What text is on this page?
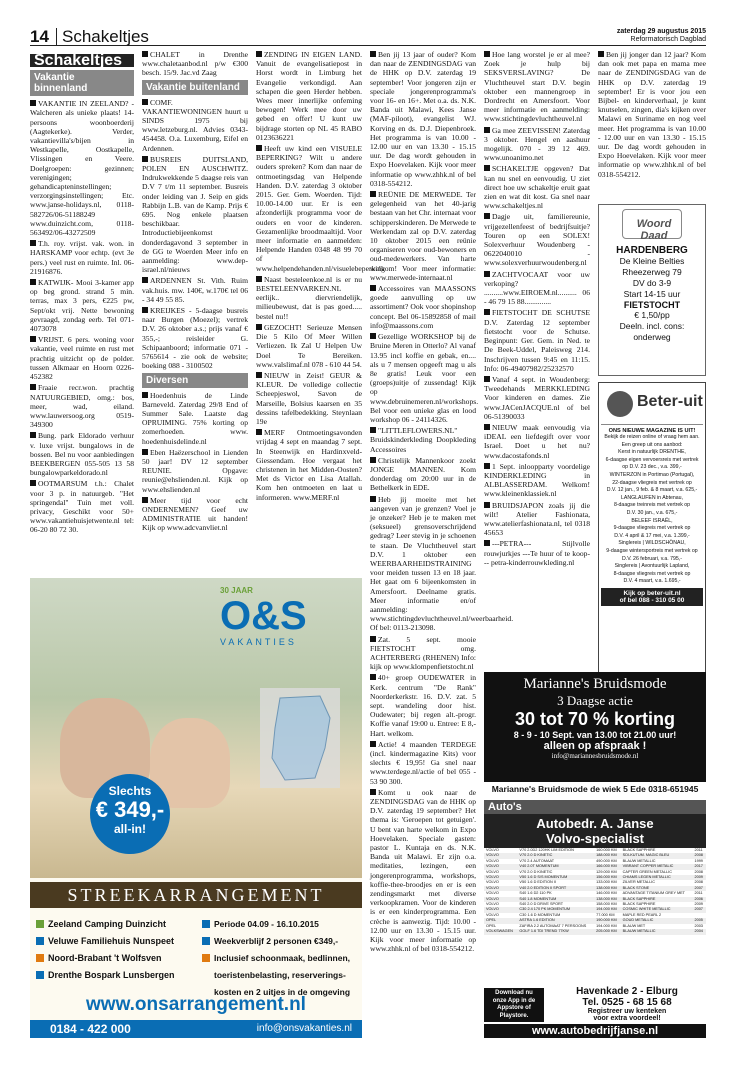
14 Schakeltjes	zaterdag 29 augustus 2015
Reformatorisch Dagblad
Schakeltjes
Vakantie binnenland

VAKANTIE IN ZEELAND? - Walcheren als unieke plaats! 14-persoons woonboerderij (Aagtekerke). Verder, vakantievilla's/bijen in Westkapelle, Oostkapelle, Vlissingen en Veere. Doelgroepen: gezinnen; verenigingen; gehandicapteninstellingen; verzorgingsinstellingen; Etc. www.janse-holidays.nl, 0118-582726/06-51188249 www.duinzicht.com, 0118-563492/06-43272509

T.h. roy. vrijst. vak. won. in HARSKAMP voor echtp. (evt 3e pers.) veel rust en ruimte. Inl. 06-21916876.

KATWIJK- Mooi 3-kamer app op beg grond. strand 5 min. terras, max 3 pers, €225 pw, Sept/okt vrij. Nette bewoning gevraagd, zondag eerb. Tel 071-4073078

VRIJST. 6 pers. woning voor vakantie, veel ruimte en rust met prachtig uitzicht op de polder. tussen Alkmaar en Hoorn 0226-452382

Fraaie recr.won. prachtig NATUURGEBIED, omg.: bos, meer, wad, eiland. www.lauwersoog.org 0519-349300

Bung. park Eldorado verhuur v. luxe vrijst. bungalows in de bossen. Bel nu voor aanbiedingen BEEKBERGEN 055-505 13 58 bungalowparkeldorado.nl

OOTMARSUM t.h.: Chalet voor 3 p. in natuurgeb. "Het springendal" Tuin met voll. privacy, Geschikt voor 50+ www.vakantiehuisjetwente.nl tel: 06-20 80 72 30.

CHALET in Drenthe www.chaletaanbod.nl p/w €300 besch. 15/9. Jac.vd Zaag

Vakantie buitenland

COMF. VAKANTIEWONINGEN huurt u SINDS 1975 bij www.letzeburg.nl. Advies 0343-454458. O.a. Luxemburg, Eifel en Ardennen.

BUSREIS DUITSLAND, POLEN EN AUSCHWITZ. Indrukwekkende 5 daagse reis van D.V 7 t/m 11 september. Busreis onder leiding van J. Seip en gids Rabbijn L.B. van de Kamp. Prijs € 695. Nog enkele plaatsen beschikbaar. Introductiebijeenkomst donderdagavond 3 september in de GG te Woerden Meer info en aanmelding: www.dep-israel.nl/nieuws

ARDENNEN St. Vith. Ruim vak.huis. mw. 140€, w.170€ tel 06 - 34 49 55 85.

KREIJKES - 5-daagse busreis naar Burgen (Moezel); vertrek D.V. 26 oktober a.s.; prijs vanaf € 355,-; reisleider G. Schipaanboord; informatie 071 - 5765614 - zie ook de website; boeking 088 - 3100502

Diversen

Hoedenhuis de Linde Barneveld. Zaterdag 29/8 End of Summer Sale. Laatste dag OPRUIMING. 75% korting op zomerhoeden. www. hoedenhuisdelinde.nl

Eben Haëzerschool in Lienden 50 jaar! DV 12 september REUNIE. Opgave: reunie@ehslienden.nl. Kijk op www.ehslienden.nl

Meer tijd voor echt ONDERNEMEN? Geef uw ADMINISTRATIE uit handen! Kijk op www.adcvanvliet.nl

ZENDING IN EIGEN LAND. Vanuit de evangelisatiepost in Horst wordt in Limburg het Evangelie verkondigd. Aan schapen die geen Herder hebben. Wees meer innerlijke onfeming bewogen! Werk mee door uw gebed en offer! U kunt uw bijdrage storten op NL 45 RABO 0123636221

Heeft uw kind een VISUELE BEPERKING? Wilt u andere ouders spreken? Kom dan naar de ontmoetingsdag van Helpende Handen. D.V. zaterdag 3 oktober 2015. Ger. Gem. Woerden. Tijd: 10.00-14.00 uur. Er is een afzonderlijk programma voor de ouders en voor de kinderen. Gezamenlijke broodmaaltijd. Voor meer informatie en aanmelden: Helpende Handen 0348 48 99 70 of www.helpendehanden.nl/visuelebeperking

Naast besteleenkoe.nl is er nu BESTELEENVARKEN.NL eerlijk.. diervriendelijk, milieubewust, dat is pas goed..... bestel nu!!

GEZOCHT! Serieuze Mensen Die 5 Kilo Of Meer Willen Verliezen. Ik Zal U Helpen Uw Doel Te Bereiken. www.valslimaf.nl 078 - 610 44 54.

NIEUW in Zeist! GEUR & KLEUR. De volledige collectie Scheepjeswol, Savon de Marseille, Bolsius kaarsen en 35 dessins tafelbedekking. Steynlaan 19e

MERF Ontmoetingsavonden vrijdag 4 sept en maandag 7 sept. In Steenwijk en Hardinxveld-Giessendam. Hoe vergaat het christenen in het Midden-Oosten? Met ds Victor en Lisa Atallah. Kom hen ontmoeten en laat u informeren. www.MERF.nl

Ben jij 13 jaar of ouder? Kom dan naar de ZENDINGSDAG van de HHK op D.V. zaterdag 19 september! Voor jongeren zijn er speciale jongerenprogramma's voor 16- en 16+. Met o.a. ds. N.K. Banda uit Malawi, Kees Janse (MAF-piloot), evangelist WJ. Korving en ds. D.J. Diepenbroek. Het programma is van 10.00 - 12.00 uur en van 13.30 - 15.15 uur. De dag wordt gehouden in Expo Hoevelaken. Kijk voor meer informatie op www.zhhk.nl of bel 0318-554212.

REÜNIE DE MERWEDE. Ter gelegenheid van het 40-jarig bestaan van het Chr. internaat voor schipperskinderen. De Merwede te Werkendam zal op D.V. zaterdag 10 oktober 2015 een reünie organiseren voor oud-bewoners en oud-medewerkers. Van harte welkom! Voor meer informatie: www.merwede-internaat.nl

Accessoires van MAASSONS goede aanvulling op uw assortiment? Ook voor shopinshop concept. Bel 06-15892858 of mail info@maassons.com

Gezellige WORKSHOP bij de Bruine Meren in Otterlo? Al vanaf 13.95 incl koffie en gebak, en.... als u 7 mensen opgeeft mag u als 8e gratis! Leuk voor een (groeps)uitje of zussendag! Kijk op www.debruinemeren.nl/workshops. Bel voor een unieke glas en lood workshop 06 - 24114326.

"LITTLEFLOWERS.NL" Bruidskinderkleding Doopkleding Accessoires

Christelijk Mannenkoor zoekt JONGE MANNEN. Kom donderdag om 20:00 uur in de Bethelkerk in EDE.

Heb jij moeite met het aangeven van je grenzen? Voel je je onzeker? Heb je te maken met (seksueel) grensoverschrijdend gedrag? Leer stevig in je schoenen te staan. De Vluchtheuvel start D.V. 1 oktober een WEERBAARHEIDSTRAINING voor meiden tussen 13 en 18 jaar. Het gaat om 6 bijeenkomsten in Amersfoort. Deelname gratis. Meer informatie en/of aanmelding: www.stichtingdevluchtheuvel.nl/weerbaarheid. Of bel: 0113-213098.

Zat. 5 sept. mooie FIETSTOCHT omg. ACHTERBERG (RHENEN) Info: kijk op www.klompenfietstocht.nl

40+ groep OUDEWATER in Kerk. centrum "De Rank" Noorderkerkstr. 16. D.V. zat. 5 sept. wandeling door hist. Oudewater; bij regen alt.-progr. Koffie vanaf 19:00 u. Entree: E 8,- Hart. welkom.

Actie! 4 maanden TERDEGE (incl. kindermagazine Kits) voor slechts € 19,95! Ga snel naar www.terdege.nl/actie of bel 055 - 53 90 300.

Komt u ook naar de ZENDINGSDAG van de HHK op D.V. zaterdag 19 september? Het thema is: 'Geroepen tot getuigen'. U bent van harte welkom in Expo Hoevelaken. Speciale gasten: pastor L. Kuntaja en ds. N.K. Banda uit Malawi. Er zijn o.a. meditaties, lezingen, een jongerenprogramma, workshops, koffie-thee-broodjes en er is een zendingsmarkt met diverse verkoopkramen. Voor de kinderen is er een kinderprogramma. Een crèche is aanwezig. Tijd: 10.00 - 12.00 uur en 13.30 - 15.15 uur. Kijk voor meer informatie op www.zhhk.nl of bel 0318-554212.

Hoe lang worstel je er al mee? Zoek je hulp bij SEKSVERSLAVING? De Vluchtheuvel start D.V. begin oktober een mannengroep in Dordrecht en Amersfoort. Voor meer informatie en aanmelding: www.stichtingdevluchtheuvel.nl

Ga mee ZEEVISSEN! Zaterdag 3 oktober. Hengel en aashuur mogelijk. 070 - 39 12 469. www.unoanimo.net

SCHAKELTJE opgeven? Dat kan nu snel en eenvoudig. U ziet direct hoe uw schakeltje eruit gaat zien en wat dit kost. Ga snel naar www.schakeltjes.nl

Dagje uit, familiereunie, vrijgezellenfeest of bedrijfsuitje? Touren op een SOLEX! Solexverhuur Woudenberg - 0622040010 - www.solexverhuurwoudenberg.nl

ZACHTVOCAAT voor uw verkoping? ..........www.EIROEM.nl.......... 06 - 46 79 15 88..............

FIETSTOCHT DE SCHUTSE D.V. Zaterdag 12 september fietstocht voor de Schutse. Beginpunt: Ger. Gem. in Ned. te De Beek-Uddel, Paleisweg 214. Inschrijven tussen 9:45 en 11:15. Info: 06-49407982/25232570

Vanaf 4 sept. in Woudenberg: Tweedehands MERKKLEDING Voor kinderen en dames. Zie www.JACenJACQUE.nl of bel 06-51390033

NIEUW maak eenvoudig via iDEAL een liefdegift over voor Israel. Doet u het nu? www.dacostafonds.nl

1 Sept. inloopparty voordelige KINDERKLEDING in ALBLASSERDAM. Welkom! www.kleinenklassiek.nl

BRUIDSJAPON zoals jij die wilt! Atelier Fashionata, www.atelierfashionata.nl, tel 0318 45653

---PETRA--- Stijlvolle rouwjurkjes ---Te huur of te koop--- petra-kinderrouwkleding.nl

Ben jij jonger dan 12 jaar? Kom dan ook met papa en mama mee naar de ZENDINGSDAG van de HHK op D.V. zaterdag 19 september! Er is voor jou een Bijbel- en kinderverhaal, je kunt knutselen, zingen, dia's kijken over Malawi en Suriname en nog veel meer. Het programma is van 10.00 - 12.00 uur en van 13.30 - 15.15 uur. De dag wordt gehouden in Expo Hoevelaken. Kijk voor meer informatie op www.zhhk.nl of bel 0318-554212.

Woord Daad
HARDENBERG
De Kleine Belties
Rheezerweg 79
DV do 3-9
Start 14-15 uur
FIETSTOCHT
€ 1,50/pp
Deeln. incl. cons:
onderweg
Beter-uit
ONS NIEUWE MAGAZINE IS UIT!
Bekijk de reizen online of vraag hem aan.
Een greep uit ons aanbod:
Kerst in natuurlijk DRENTHE,
6-daagse eigen vervoersreis met vertrek
op D.V. 23 dec., v.a. 399,-
WINTERZON in Portimao (Portugal),
22-daagse vliegreis met vertrek op
D.V. 12 jan., 9 feb. & 8 maart, v.a. 625,-
LANGLAUFEN in Abtenau,
8-daagse treinreis met vertrek op
D.V. 30 jan., v.a. 675,-
BELEEF ISRAËL,
9-daagse vliegreis met vertrek op
D.V. 4 april & 17 mei, v.a. 1.399,-
Singlereis | WILDSCHÖNAU,
9-daagse wintersportreis met vertrek op
D.V. 26 februari, v.a. 795,-
Singlereis | Avontuurlijk Lapland,
8-daagse vliegreis met vertrek op
D.V. 4 maart, v.a. 1.695,-
Kijk op beter-uit.nl
of bel 088 - 310 05 00
30 JAAR
O&S
VAKANTIES
Slechts
€ 349,-
all-in!
STREEKARRANGEMENT
Zeeland Camping Duinzicht
Veluwe Familiehuis Nunspeet
Noord-Brabant 't Wolfsven
Drenthe Bospark Lunsbergen
Periode 04.09 - 16.10.2015
Weekverblijf 2 personen €349,-
Inclusief schoonmaak, bedlinnen,
toeristenbelasting, reserverings-
kosten en 2 uitjes in de omgeving
www.onsarrangement.nl
0184 - 422 000	info@onsvakanties.nl
Marianne's Bruidsmode
3 Daagse actie
30 tot 70 % korting
8 - 9 - 10 Sept. van 13.00 tot 21.00 uur!
alleen op afspraak !
info@mariannesbruidsmode.nl
Marianne's Bruidsmode de wiek 5 Ede 0318-651945
Auto's
Autobedr. A. Janse
Volvo-specialist
VOLVO	V70 2.0D2 120HK LIM EDITION	160.000 KM	BLACK SAPPHIRE	2011
VOLVO	V70 2.0 D KINETIC	188.000 KM	SDI-KUTUM. MAGIC BLEU	2008
VOLVO	V70 2.4 AUTOMAAT	490.000 KM	BLAUW METALLIC	1999
VOLVO	V40 2.0T MOMENTUM	166.000 KM	VIBRANT COPPER METALIC	2017
VOLVO	V70 2.0 D KINETIC	129.000 KM	CAPTER GREEN METALLIC	2008
VOLVO	V50 1.6 D S/S MOMENTUM	156.000 KM	CHIAMS LEGEN METALLIC	2009
VOLVO	V50 1.6 D EDITION II	133.000 KM	ZILVER METALLIC	2008
VOLVO	V40 2.0 EDITION II SPORT	138.000 KM	BLACK STONE	2007
VOLVO	S40 1.6 D2 110 PK	146.000 KM	ADVANTAGE TITANIUM GREY MET	2011
VOLVO	S40 1.8 MOMENTUM	138.000 KM	BLACK SAPPHIRE	2006
VOLVO	S40 2.0 D DRIVE SPORT	158.000 KM	BLACK SAPPHIRE	2009
VOLVO	C30 2.4 170 PK MOMENTUM	194.000 KM	COSMIC WHITE METALLIC	2007
VOLVO	C30 1.6 D MOMENTUM	77.000 KM	MAPLE RED PEARL 2	
OPEL	ASTRA 1.6 EDITION	190.000 KM	GOUD METALLIC	2005
OPEL	ZAFIRA 2.2 AUTOMAAT 7 PERSOONS	194.000 KM	BLAUW MET	2003
VOLKSWAGEN	GOLF 1.6 TDI TREND 77KW	205.000 KM	BLAUW METALLIC	2004
Download nu
onze App in de
Appstore of
Playstore.
Havenkade 2 - Elburg
Tel. 0525 - 68 15 68
Registreer uw kenteken
voor extra voordeel!
www.autobedrijfjanse.nl
